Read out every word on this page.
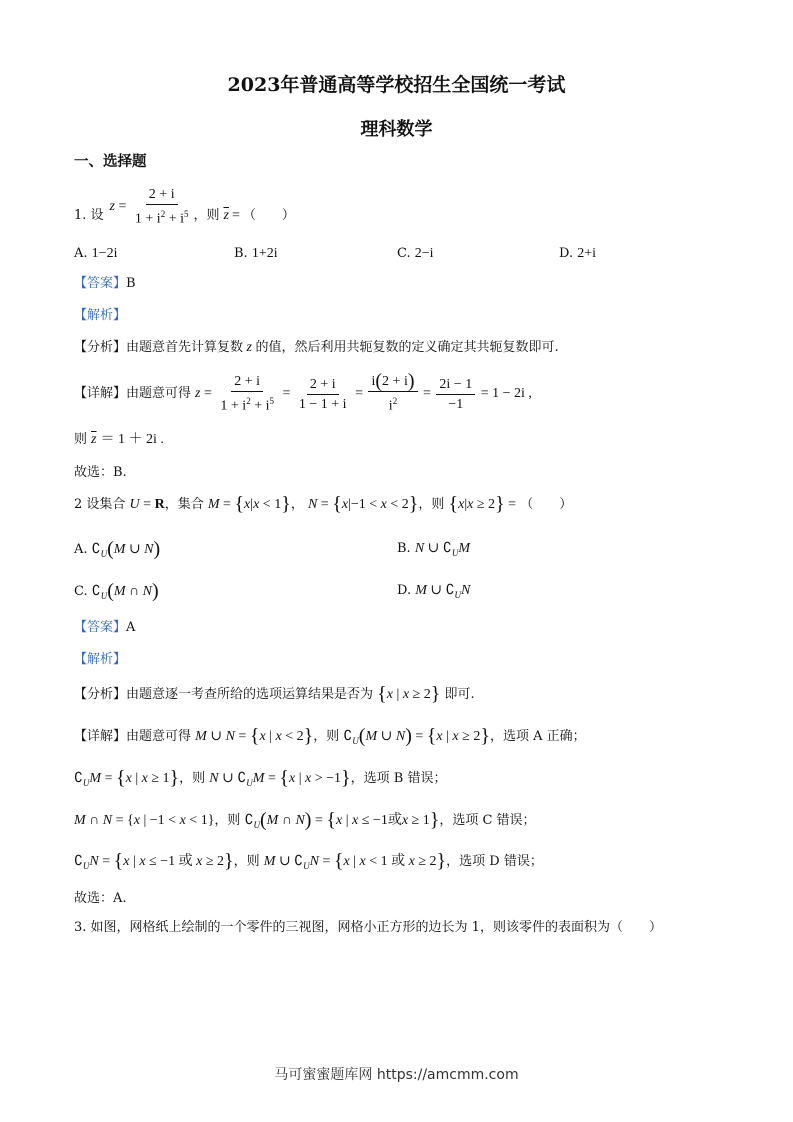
2023年普通高等学校招生全国统一考试
理科数学
一、选择题
1. 设
$z = \frac{2 + i}{1 + i^2 + i^5}$ ，则 $\overline{z}$ = （　　）
A. 1−2i	B. 1+2i	C. 2−i	D. 2+i
【答案】B
【解析】
【分析】由题意首先计算复数 z 的值，然后利用共轭复数的定义确定其共轭复数即可.
【详解】 由题意可得 $z = \frac{2 + i}{1 + i^2 + i^5} = \frac{2 + i}{1 - 1 + i} = \frac{i(2 + i)}{i^2} = \frac{2i - 1}{-1} = 1 - 2i$ ,
则 $\overline{z} = 1 + 2i$ .
故选：B.
2 设集合 U = R，集合 M = {x|x < 1}， N = {x|−1 < x < 2}，则 {x|x ≥ 2} = （　　）
A. $∁_U(M$ ∪ N)	B. N ∪ $∁_UM$
C. $∁_U(M$ ∩ N)	D. M ∪ $∁_UN$
【答案】A
【解析】
【分析】由题意逐一考查所给的选项运算结果是否为 {x | x ≥ 2} 即可.
【详解】由题意可得 M ∪ N = {x | x < 2}，则 $∁_U(M$ ∪ N) = {x | x ≥ 2}，选项 A 正确；
$∁_UM = \{x$ | x ≥ 1}，则 N ∪ $∁_UM = \{x$ | x > −1}，选项 B 错误；
M ∩ N = {x | −1 < x < 1}，则 $∁_U(M$ ∩ N) = {x | x ≤ −1或x ≥ 1}，选项 C 错误；
$∁_UN = \{x$ | x ≤ −1 或 x ≥ 2}，则 M ∪ $∁_UN = \{x$ | x < 1 或 x ≥ 2}，选项 D 错误；
故选：A.
3. 如图，网格纸上绘制的一个零件的三视图，网格小正方形的边长为 1，则该零件的表面积为（　　）
马可蜜蜜题库网 https://amcmm.com
